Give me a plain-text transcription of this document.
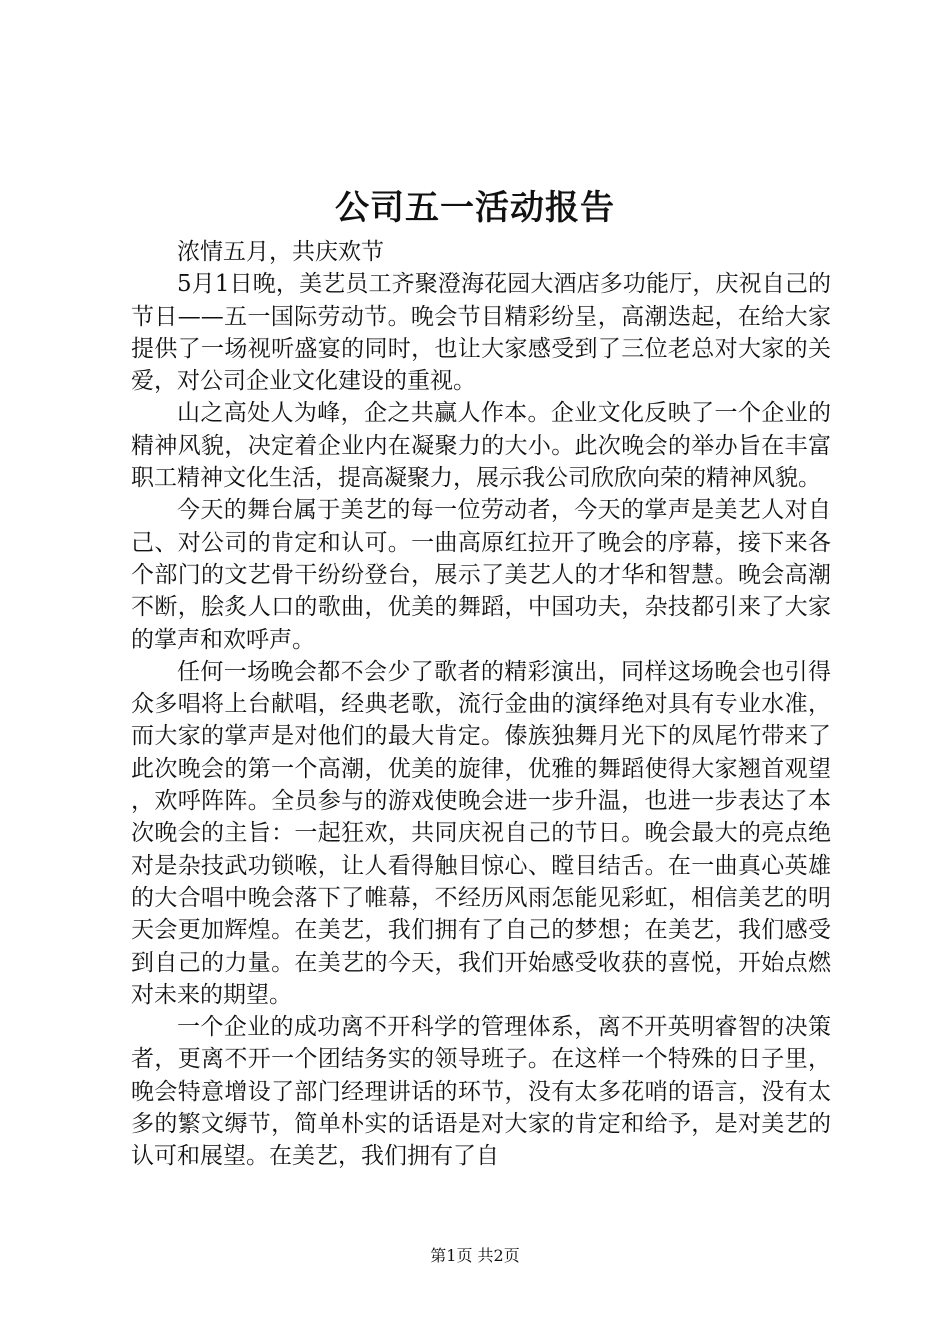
公司五一活动报告

浓情五月，共庆欢节

5月1日晚，美艺员工齐聚澄海花园大酒店多功能厅，庆祝自己的节日——五一国际劳动节。晚会节目精彩纷呈，高潮迭起，在给大家提供了一场视听盛宴的同时，也让大家感受到了三位老总对大家的关爱，对公司企业文化建设的重视。

山之高处人为峰，企之共赢人作本。企业文化反映了一个企业的精神风貌，决定着企业内在凝聚力的大小。此次晚会的举办旨在丰富职工精神文化生活，提高凝聚力，展示我公司欣欣向荣的精神风貌。

今天的舞台属于美艺的每一位劳动者，今天的掌声是美艺人对自己、对公司的肯定和认可。一曲高原红拉开了晚会的序幕，接下来各个部门的文艺骨干纷纷登台，展示了美艺人的才华和智慧。晚会高潮不断，脍炙人口的歌曲，优美的舞蹈，中国功夫，杂技都引来了大家的掌声和欢呼声。

任何一场晚会都不会少了歌者的精彩演出，同样这场晚会也引得众多唱将上台献唱，经典老歌，流行金曲的演绎绝对具有专业水准，而大家的掌声是对他们的最大肯定。傣族独舞月光下的凤尾竹带来了此次晚会的第一个高潮，优美的旋律，优雅的舞蹈使得大家翘首观望，欢呼阵阵。全员参与的游戏使晚会进一步升温，也进一步表达了本次晚会的主旨：一起狂欢，共同庆祝自己的节日。晚会最大的亮点绝对是杂技武功锁喉，让人看得触目惊心、瞠目结舌。在一曲真心英雄的大合唱中晚会落下了帷幕，不经历风雨怎能见彩虹，相信美艺的明天会更加辉煌。在美艺，我们拥有了自己的梦想；在美艺，我们感受到自己的力量。在美艺的今天，我们开始感受收获的喜悦，开始点燃对未来的期望。

一个企业的成功离不开科学的管理体系，离不开英明睿智的决策者，更离不开一个团结务实的领导班子。在这样一个特殊的日子里，晚会特意增设了部门经理讲话的环节，没有太多花哨的语言，没有太多的繁文缛节，简单朴实的话语是对大家的肯定和给予，是对美艺的认可和展望。在美艺，我们拥有了自

第1页 共2页
